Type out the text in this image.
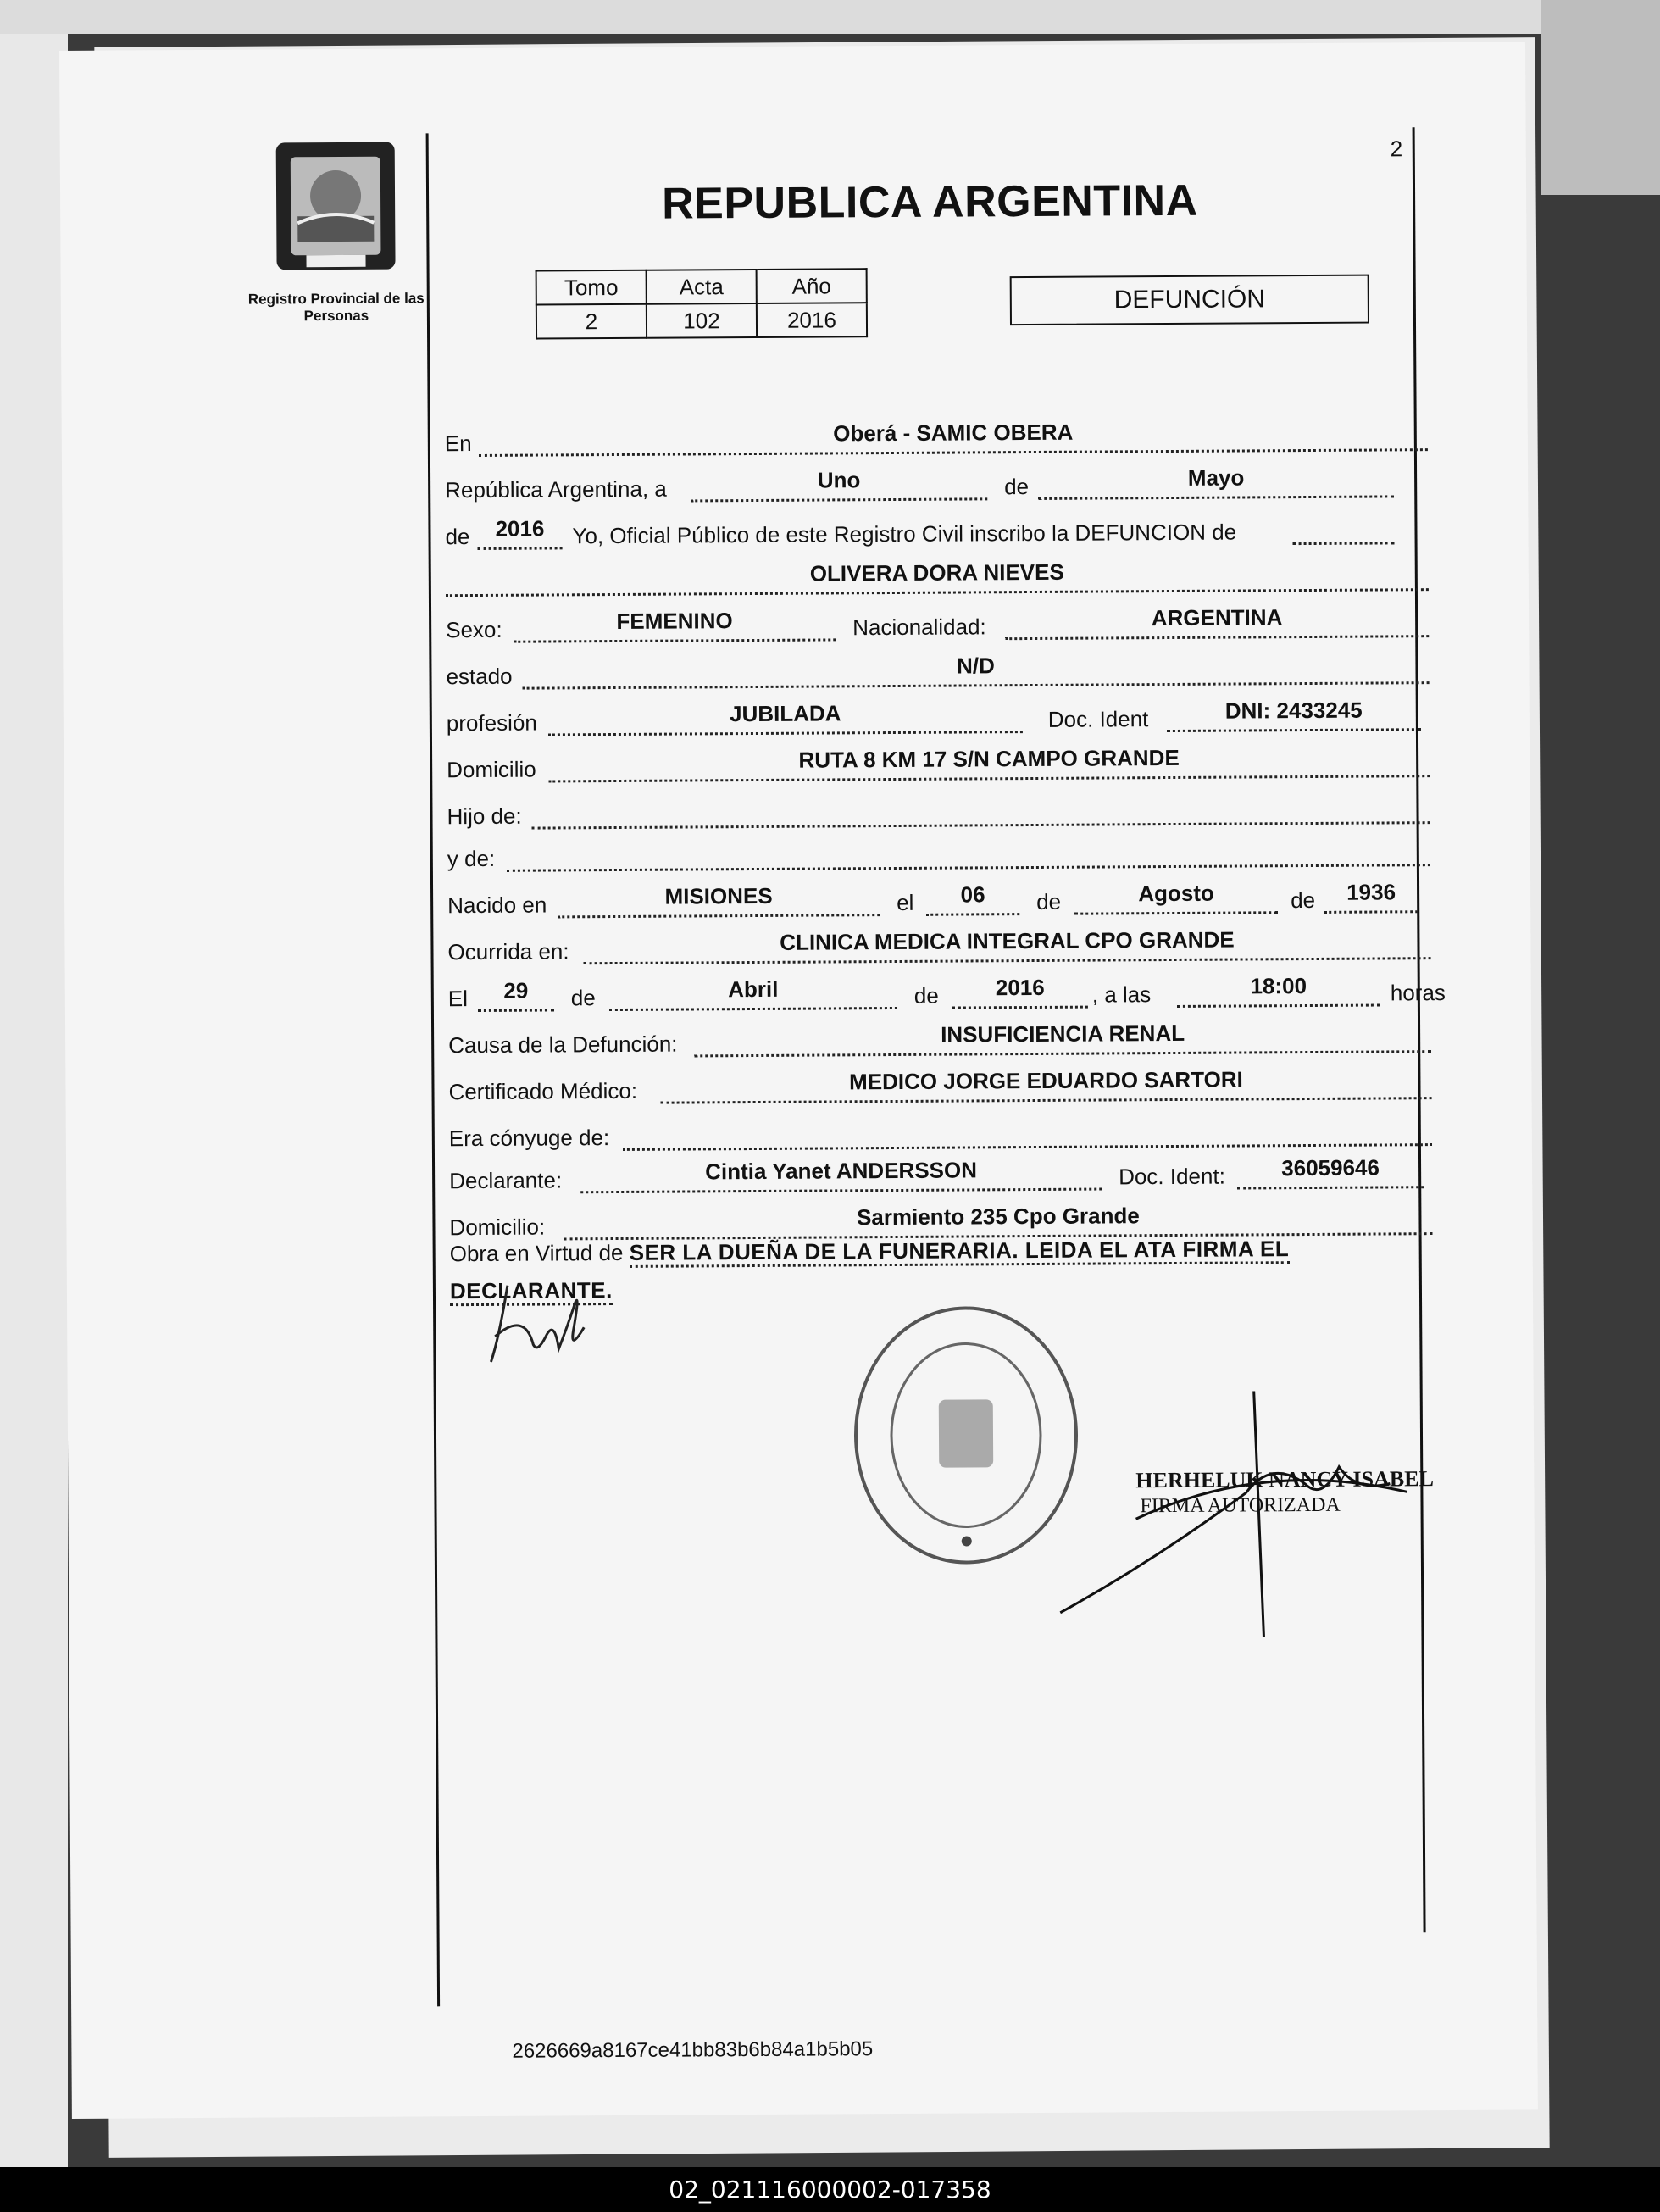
Registro Provincial de las Personas
2
REPUBLICA ARGENTINA
Tomo	Acta	Año
2	102	2016
DEFUNCIÓN
En	Oberá - SAMIC OBERA
República Argentina, a	Uno	de	Mayo
de	2016	Yo, Oficial Público de este Registro Civil inscribo la DEFUNCION de
OLIVERA DORA NIEVES
Sexo:	FEMENINO	Nacionalidad:	ARGENTINA
estado	N/D
profesión	JUBILADA	Doc. Ident	DNI: 2433245
Domicilio	RUTA 8 KM 17 S/N CAMPO GRANDE
Hijo de:
y de:
Nacido en	MISIONES	el	06	de	Agosto	de	1936
Ocurrida en:	CLINICA MEDICA INTEGRAL CPO GRANDE
El	29	de	Abril	de	2016	, a las	18:00	horas
Causa de la Defunción:	INSUFICIENCIA RENAL
Certificado Médico:	MEDICO JORGE EDUARDO SARTORI
Era cónyuge de:
Declarante:	Cintia Yanet ANDERSSON	Doc. Ident:	36059646
Domicilio:	Sarmiento 235 Cpo Grande
Obra en Virtud de SER LA DUEÑA DE LA FUNERARIA. LEIDA EL ATA FIRMA EL DECLARANTE.
HERHELUK NANCY ISABEL
FIRMA AUTORIZADA
2626669a8167ce41bb83b6b84a1b5b05
02_021116000002-017358
